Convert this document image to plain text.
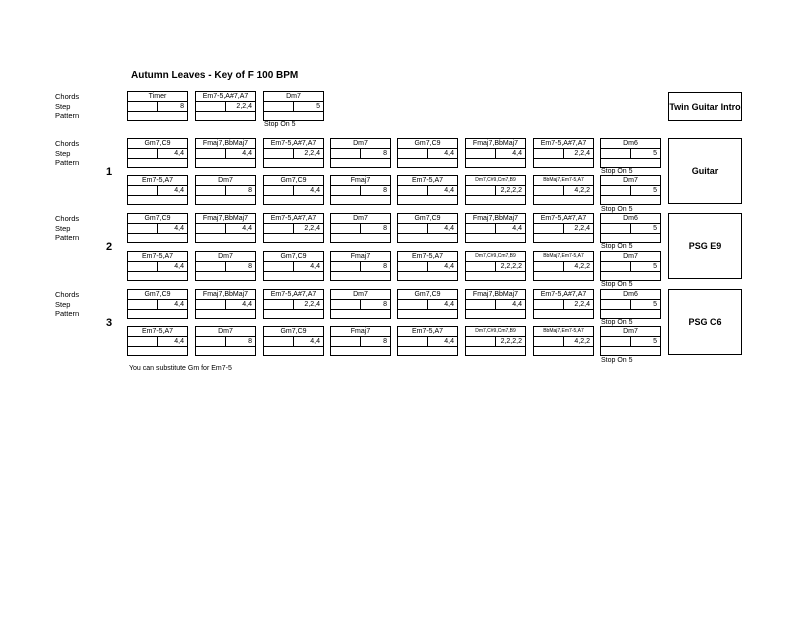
Autumn Leaves - Key of F 100 BPM
Chords
Step
Pattern
Chords
Step
Pattern
Chords
Step
Pattern
Chords
Step
Pattern
1
2
3
Stop On 5
Stop On 5
Stop On 5
Stop On 5
Stop On 5
Stop On 5
Stop On 5
Twin Guitar Intro
Guitar
PSG E9
PSG C6
Timer
8
Em7-5,A#7,A7
2,2,4
Dm7
5
Gm7,C9
4,4
Em7-5,A7
4,4
Fmaj7,BbMaj7
4,4
Dm7
8
Em7-5,A#7,A7
2,2,4
Gm7,C9
4,4
Dm7
8
Fmaj7
8
Gm7,C9
4,4
Em7-5,A7
4,4
Fmaj7,BbMaj7
4,4
Dm7,C#9,Cm7,B9
2,2,2,2
Em7-5,A#7,A7
2,2,4
BbMaj7,Em7-5,A7
4,2,2
Dm6
5
Dm7
5
Gm7,C9
4,4
Em7-5,A7
4,4
Fmaj7,BbMaj7
4,4
Dm7
8
Em7-5,A#7,A7
2,2,4
Gm7,C9
4,4
Dm7
8
Fmaj7
8
Gm7,C9
4,4
Em7-5,A7
4,4
Fmaj7,BbMaj7
4,4
Dm7,C#9,Cm7,B9
2,2,2,2
Em7-5,A#7,A7
2,2,4
BbMaj7,Em7-5,A7
4,2,2
Dm6
5
Dm7
5
Gm7,C9
4,4
Em7-5,A7
4,4
Fmaj7,BbMaj7
4,4
Dm7
8
Em7-5,A#7,A7
2,2,4
Gm7,C9
4,4
Dm7
8
Fmaj7
8
Gm7,C9
4,4
Em7-5,A7
4,4
Fmaj7,BbMaj7
4,4
Dm7,C#9,Cm7,B9
2,2,2,2
Em7-5,A#7,A7
2,2,4
BbMaj7,Em7-5,A7
4,2,2
Dm6
5
Dm7
5
You can substitute Gm for Em7-5
